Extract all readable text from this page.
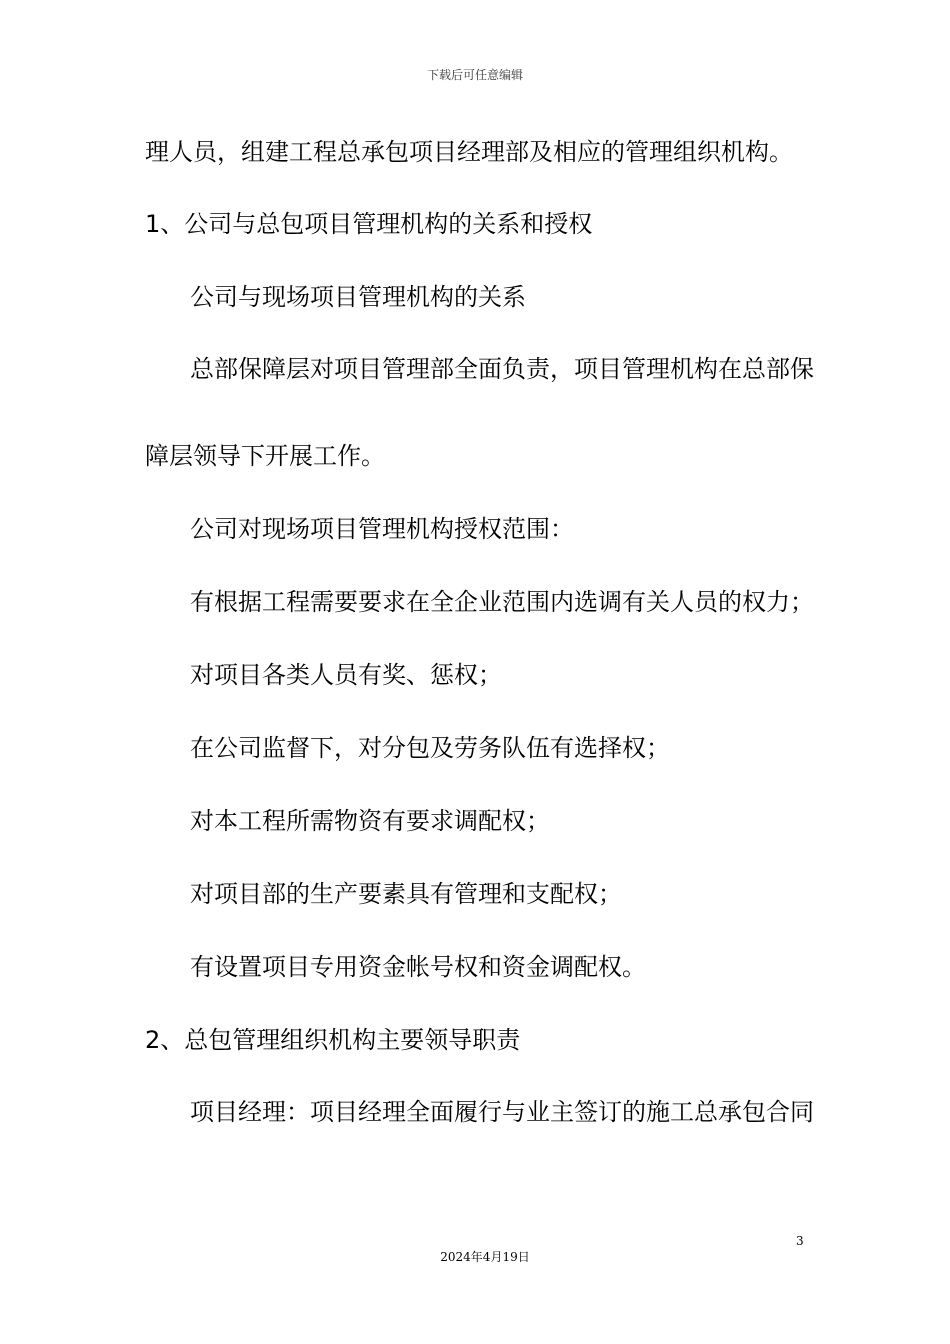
下载后可任意编辑
理人员，组建工程总承包项目经理部及相应的管理组织机构。
1、公司与总包项目管理机构的关系和授权
公司与现场项目管理机构的关系
总部保障层对项目管理部全面负责，项目管理机构在总部保
障层领导下开展工作。
公司对现场项目管理机构授权范围：
有根据工程需要要求在全企业范围内选调有关人员的权力；
对项目各类人员有奖、惩权；
在公司监督下，对分包及劳务队伍有选择权；
对本工程所需物资有要求调配权；
对项目部的生产要素具有管理和支配权；
有设置项目专用资金帐号权和资金调配权。
2、总包管理组织机构主要领导职责
项目经理：项目经理全面履行与业主签订的施工总承包合同
3
2024年4月19日
